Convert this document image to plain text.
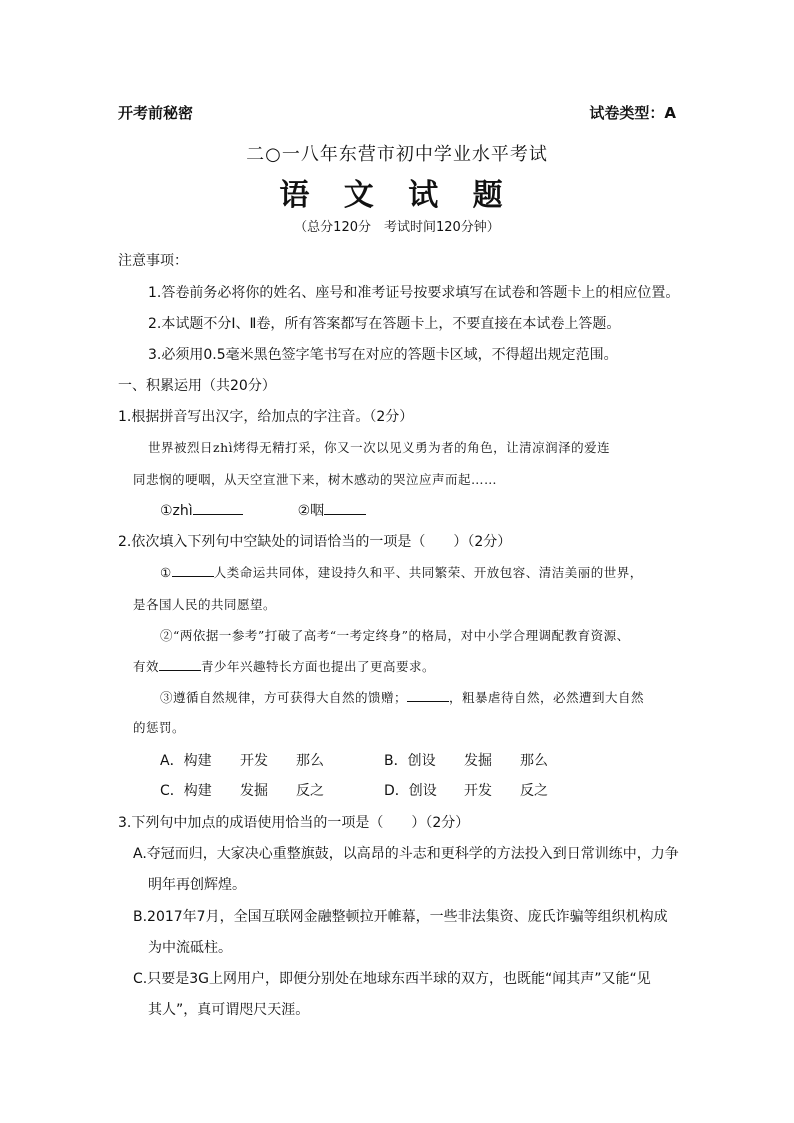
开考前秘密	试卷类型：A
二○一八年东营市初中学业水平考试
语 文 试 题
（总分120分　考试时间120分钟）
注意事项：
1.答卷前务必将你的姓名、座号和准考证号按要求填写在试卷和答题卡上的相应位置。
2.本试题不分Ⅰ、Ⅱ卷，所有答案都写在答题卡上，不要直接在本试卷上答题。
3.必须用0.5毫米黑色签字笔书写在对应的答题卡区域，不得超出规定范围。
一、积累运用（共20分）
1.根据拼音写出汉字，给加点的字注音。（2分）
世界被烈日zhì烤得无精打采，你又一次以见义勇为者的角色，让清凉润泽的爱连
同悲悯的哽咽，从天空宣泄下来，树木感动的哭泣应声而起……
①zhì	②咽
2.依次填入下列句中空缺处的词语恰当的一项是（　　）（2分）
①	人类命运共同体，建设持久和平、共同繁荣、开放包容、清洁美丽的世界，
是各国人民的共同愿望。
②“两依据一参考”打破了高考“一考定终身”的格局，对中小学合理调配教育资源、
有效	青少年兴趣特长方面也提出了更高要求。
③遵循自然规律，方可获得大自然的馈赠；	，粗暴虐待自然，必然遭到大自然
的惩罚。
A．构建 开发 那么	B．创设 发掘 那么
C．构建 发掘 反之	D．创设 开发 反之
3.下列句中加点的成语使用恰当的一项是（　　）（2分）
A.夺冠而归，大家决心重整旗鼓，以高昂的斗志和更科学的方法投入到日常训练中，力争
明年再创辉煌。
B.2017年7月，全国互联网金融整顿拉开帷幕，一些非法集资、庞氏诈骗等组织机构成
为中流砥柱。
C.只要是3G上网用户，即便分别处在地球东西半球的双方，也既能“闻其声”又能“见
其人”，真可谓咫尺天涯。
